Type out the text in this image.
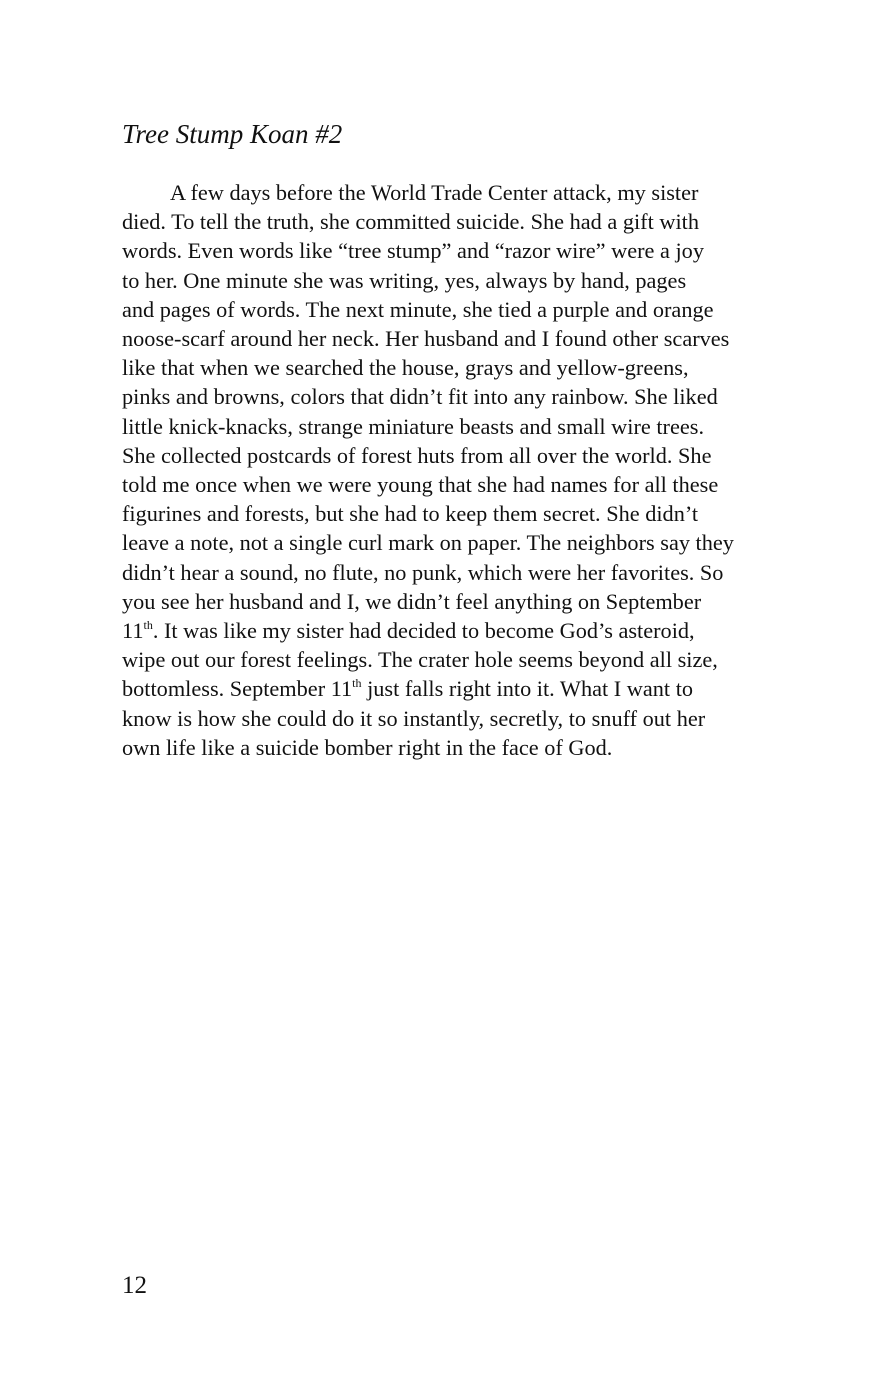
Tree Stump Koan #2
A few days before the World Trade Center attack, my sister
died. To tell the truth, she committed suicide. She had a gift with
words. Even words like “tree stump” and “razor wire” were a joy
to her. One minute she was writing, yes, always by hand, pages
and pages of words. The next minute, she tied a purple and orange
noose-scarf around her neck. Her husband and I found other scarves
like that when we searched the house, grays and yellow-greens,
pinks and browns, colors that didn’t fit into any rainbow. She liked
little knick-knacks, strange miniature beasts and small wire trees.
She collected postcards of forest huts from all over the world. She
told me once when we were young that she had names for all these
figurines and forests, but she had to keep them secret. She didn’t
leave a note, not a single curl mark on paper. The neighbors say they
didn’t hear a sound, no flute, no punk, which were her favorites. So
you see her husband and I, we didn’t feel anything on September
11th. It was like my sister had decided to become God’s asteroid,
wipe out our forest feelings. The crater hole seems beyond all size,
bottomless. September 11th just falls right into it. What I want to
know is how she could do it so instantly, secretly, to snuff out her
own life like a suicide bomber right in the face of God.
12
